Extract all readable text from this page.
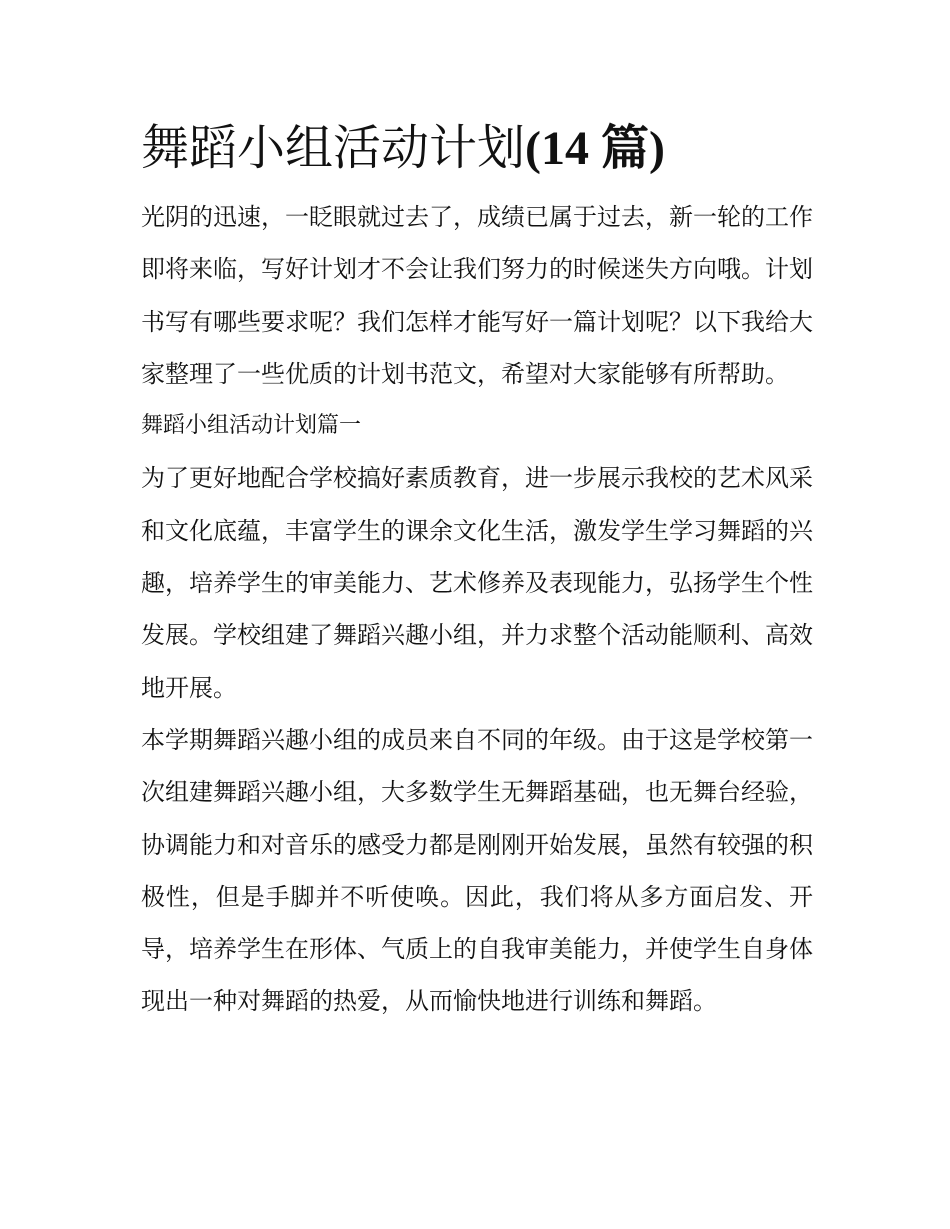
舞蹈小组活动计划(14 篇)

光阴的迅速，一眨眼就过去了，成绩已属于过去，新一轮的工作即将来临，写好计划才不会让我们努力的时候迷失方向哦。计划书写有哪些要求呢？我们怎样才能写好一篇计划呢？以下我给大家整理了一些优质的计划书范文，希望对大家能够有所帮助。

舞蹈小组活动计划篇一

为了更好地配合学校搞好素质教育，进一步展示我校的艺术风采和文化底蕴，丰富学生的课余文化生活，激发学生学习舞蹈的兴趣，培养学生的审美能力、艺术修养及表现能力，弘扬学生个性发展。学校组建了舞蹈兴趣小组，并力求整个活动能顺利、高效地开展。

本学期舞蹈兴趣小组的成员来自不同的年级。由于这是学校第一次组建舞蹈兴趣小组，大多数学生无舞蹈基础，也无舞台经验，协调能力和对音乐的感受力都是刚刚开始发展，虽然有较强的积极性，但是手脚并不听使唤。因此，我们将从多方面启发、开导，培养学生在形体、气质上的自我审美能力，并使学生自身体现出一种对舞蹈的热爱，从而愉快地进行训练和舞蹈。
